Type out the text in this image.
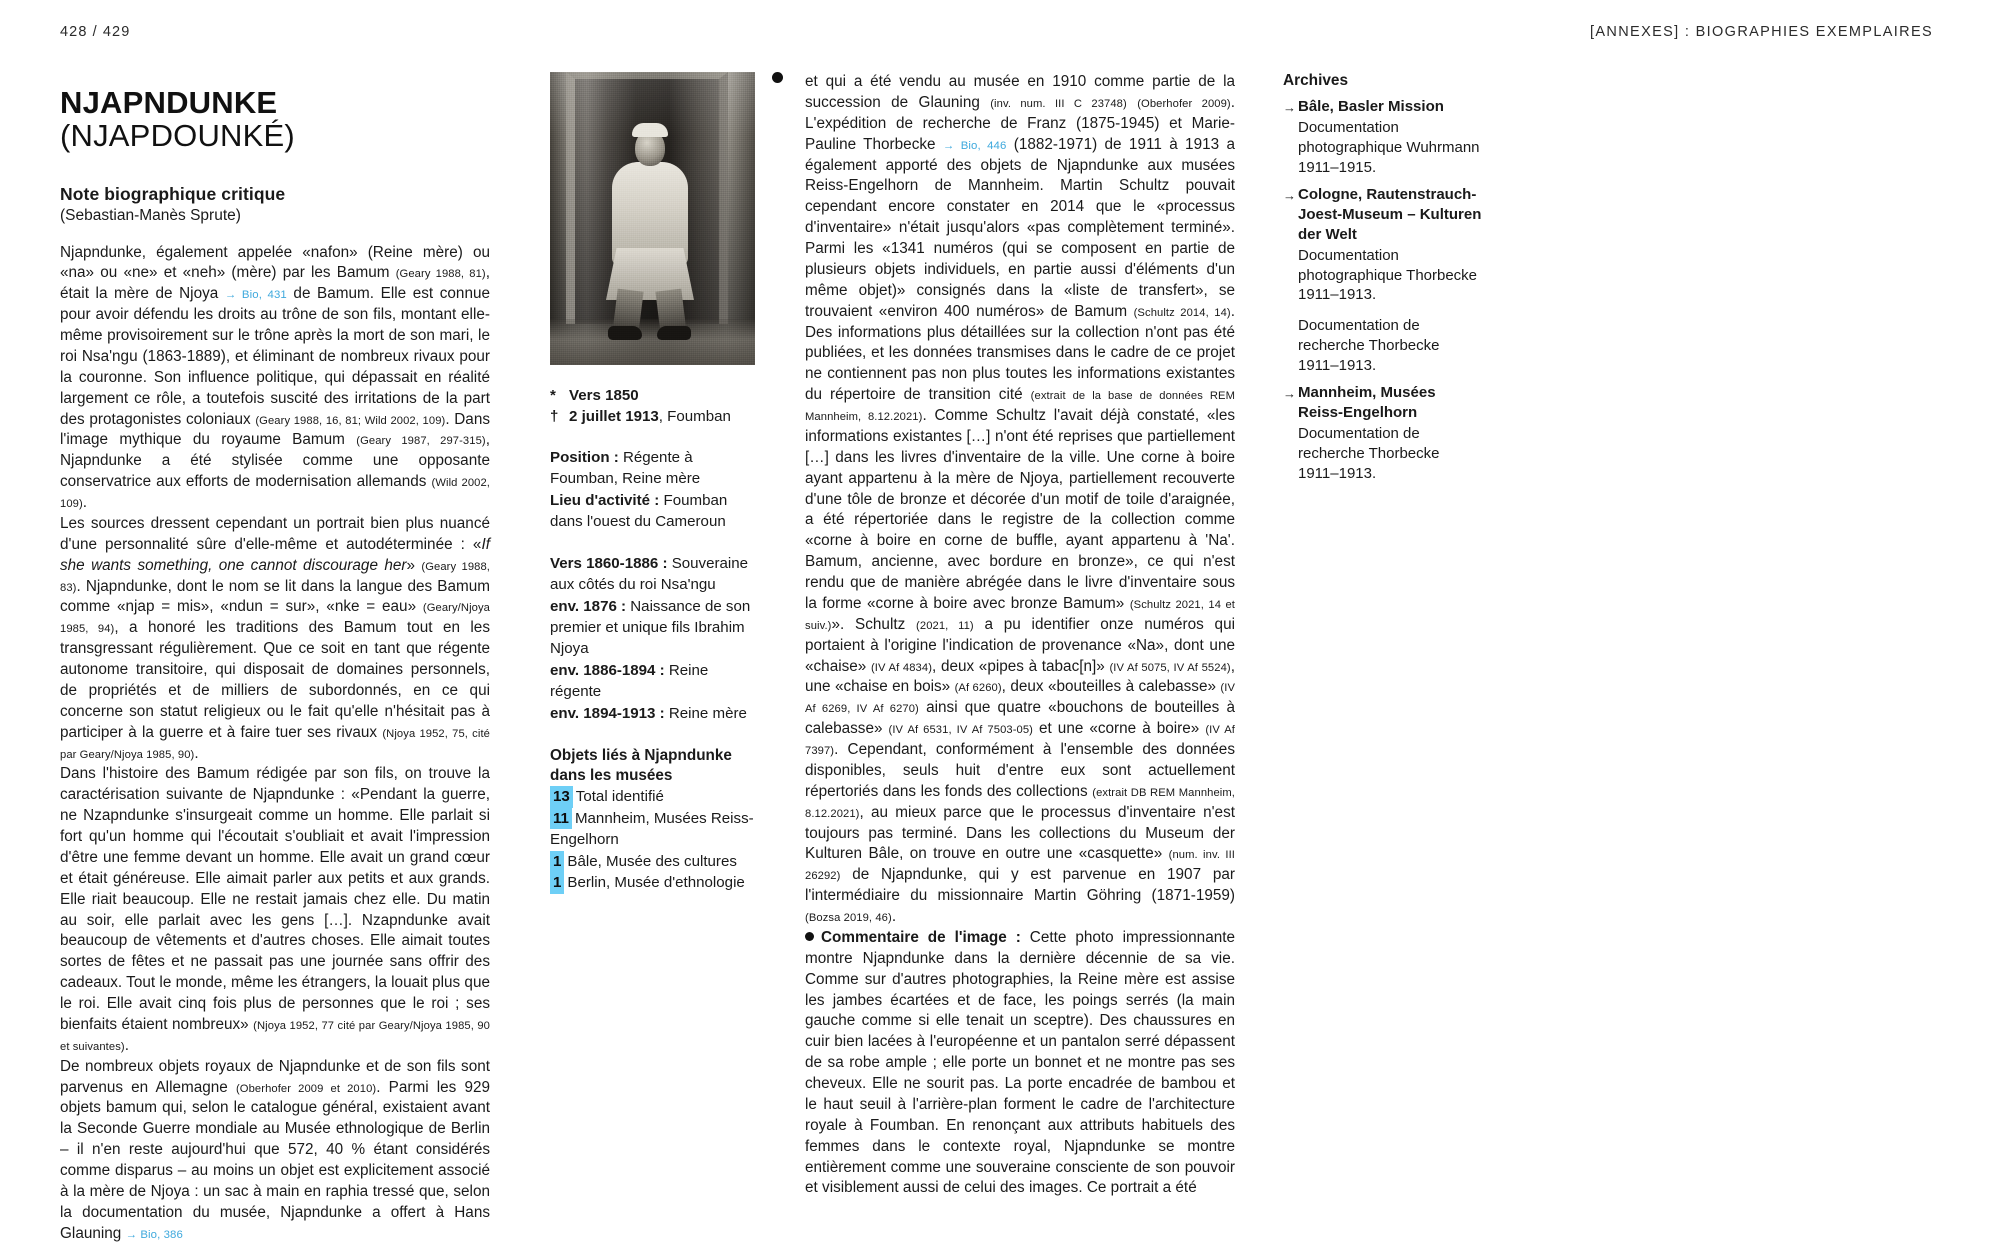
428 / 429	[ANNEXES] : BIOGRAPHIES EXEMPLAIRES
NJAPNDUNKE (NJAPDOUNKÉ)
Note biographique critique
(Sebastian-Manès Sprute)

Njapndunke, également appelée «nafon» (Reine mère) ou «na» ou «ne» et «neh» (mère) par les Bamum (Geary 1988, 81), était la mère de Njoya → Bio, 431 de Bamum. Elle est connue pour avoir défendu les droits au trône de son fils, montant elle-même provisoirement sur le trône après la mort de son mari, le roi Nsa'ngu (1863-1889), et éliminant de nombreux rivaux pour la couronne. Son influence politique, qui dépassait en réalité largement ce rôle, a toutefois suscité des irritations de la part des protagonistes coloniaux (Geary 1988, 16, 81; Wild 2002, 109). Dans l'image mythique du royaume Bamum (Geary 1987, 297-315), Njapndunke a été stylisée comme une opposante conservatrice aux efforts de modernisation allemands (Wild 2002, 109).

Les sources dressent cependant un portrait bien plus nuancé d'une personnalité sûre d'elle-même et autodéterminée : «If she wants something, one cannot discourage her» (Geary 1988, 83). Njapndunke, dont le nom se lit dans la langue des Bamum comme «njap = mis», «ndun = sur», «nke = eau» (Geary/Njoya 1985, 94), a honoré les traditions des Bamum tout en les transgressant régulièrement. Que ce soit en tant que régente autonome transitoire, qui disposait de domaines personnels, de propriétés et de milliers de subordonnés, en ce qui concerne son statut religieux ou le fait qu'elle n'hésitait pas à participer à la guerre et à faire tuer ses rivaux (Njoya 1952, 75, cité par Geary/Njoya 1985, 90).

Dans l'histoire des Bamum rédigée par son fils, on trouve la caractérisation suivante de Njapndunke : «Pendant la guerre, ne Nzapndunke s'insurgeait comme un homme. Elle parlait si fort qu'un homme qui l'écoutait s'oubliait et avait l'impression d'être une femme devant un homme. Elle avait un grand cœur et était généreuse. Elle aimait parler aux petits et aux grands. Elle riait beaucoup. Elle ne restait jamais chez elle. Du matin au soir, elle parlait avec les gens […]. Nzapndunke avait beaucoup de vêtements et d'autres choses. Elle aimait toutes sortes de fêtes et ne passait pas une journée sans offrir des cadeaux. Tout le monde, même les étrangers, la louait plus que le roi. Elle avait cinq fois plus de personnes que le roi ; ses bienfaits étaient nombreux» (Njoya 1952, 77 cité par Geary/Njoya 1985, 90 et suivantes).

De nombreux objets royaux de Njapndunke et de son fils sont parvenus en Allemagne (Oberhofer 2009 et 2010). Parmi les 929 objets bamum qui, selon le catalogue général, existaient avant la Seconde Guerre mondiale au Musée ethnologique de Berlin – il n'en reste aujourd'hui que 572, 40 % étant considérés comme disparus – au moins un objet est explicitement associé à la mère de Njoya : un sac à main en raphia tressé que, selon la documentation du musée, Njapndunke a offert à Hans Glauning → Bio, 386

* Vers 1850
† 2 juillet 1913, Foumban
Position : Régente à Foumban, Reine mère
Lieu d'activité : Foumban dans l'ouest du Cameroun
Vers 1860-1886 : Souveraine aux côtés du roi Nsa'ngu
env. 1876 : Naissance de son premier et unique fils Ibrahim Njoya
env. 1886-1894 : Reine régente
env. 1894-1913 : Reine mère
Objets liés à Njapndunke dans les musées
13 Total identifié
11 Mannheim, Musées Reiss-Engelhorn
1 Bâle, Musée des cultures
1 Berlin, Musée d'ethnologie

et qui a été vendu au musée en 1910 comme partie de la succession de Glauning (inv. num. III C 23748) (Oberhofer 2009). L'expédition de recherche de Franz (1875-1945) et Marie-Pauline Thorbecke → Bio, 446 (1882-1971) de 1911 à 1913 a également apporté des objets de Njapndunke aux musées Reiss-Engelhorn de Mannheim. Martin Schultz pouvait cependant encore constater en 2014 que le «processus d'inventaire» n'était jusqu'alors «pas complètement terminé». Parmi les «1341 numéros (qui se composent en partie de plusieurs objets individuels, en partie aussi d'éléments d'un même objet)» consignés dans la «liste de transfert», se trouvaient «environ 400 numéros» de Bamum (Schultz 2014, 14). Des informations plus détaillées sur la collection n'ont pas été publiées, et les données transmises dans le cadre de ce projet ne contiennent pas non plus toutes les informations existantes du répertoire de transition cité (extrait de la base de données REM Mannheim, 8.12.2021). Comme Schultz l'avait déjà constaté, «les informations existantes […] n'ont été reprises que partiellement […] dans les livres d'inventaire de la ville. Une corne à boire ayant appartenu à la mère de Njoya, partiellement recouverte d'une tôle de bronze et décorée d'un motif de toile d'araignée, a été répertoriée dans le registre de la collection comme «corne à boire en corne de buffle, ayant appartenu à 'Na'. Bamum, ancienne, avec bordure en bronze», ce qui n'est rendu que de manière abrégée dans le livre d'inventaire sous la forme «corne à boire avec bronze Bamum» (Schultz 2021, 14 et suiv.)». Schultz (2021, 11) a pu identifier onze numéros qui portaient à l'origine l'indication de provenance «Na», dont une «chaise» (IV Af 4834), deux «pipes à tabac[n]» (IV Af 5075, IV Af 5524), une «chaise en bois» (Af 6260), deux «bouteilles à calebasse» (IV Af 6269, IV Af 6270) ainsi que quatre «bouchons de bouteilles à calebasse» (IV Af 6531, IV Af 7503-05) et une «corne à boire» (IV Af 7397). Cependant, conformément à l'ensemble des données disponibles, seuls huit d'entre eux sont actuellement répertoriés dans les fonds des collections (extrait DB REM Mannheim, 8.12.2021), au mieux parce que le processus d'inventaire n'est toujours pas terminé. Dans les collections du Museum der Kulturen Bâle, on trouve en outre une «casquette» (num. inv. III 26292) de Njapndunke, qui y est parvenue en 1907 par l'intermédiaire du missionnaire Martin Göhring (1871-1959) (Bozsa 2019, 46).

Commentaire de l'image : Cette photo impressionnante montre Njapndunke dans la dernière décennie de sa vie. Comme sur d'autres photographies, la Reine mère est assise les jambes écartées et de face, les poings serrés (la main gauche comme si elle tenait un sceptre). Des chaussures en cuir bien lacées à l'européenne et un pantalon serré dépassent de sa robe ample ; elle porte un bonnet et ne montre pas ses cheveux. Elle ne sourit pas. La porte encadrée de bambou et le haut seuil à l'arrière-plan forment le cadre de l'architecture royale à Foumban. En renonçant aux attributs habituels des femmes dans le contexte royal, Njapndunke se montre entièrement comme une souveraine consciente de son pouvoir et visiblement aussi de celui des images. Ce portrait a été

Archives
→ Bâle, Basler Mission
Documentation photographique Wuhrmann 1911–1915.
→ Cologne, Rautenstrauch-Joest-Museum – Kulturen der Welt
Documentation photographique Thorbecke 1911–1913.
Documentation de recherche Thorbecke 1911–1913.
→ Mannheim, Musées Reiss-Engelhorn
Documentation de recherche Thorbecke 1911–1913.
